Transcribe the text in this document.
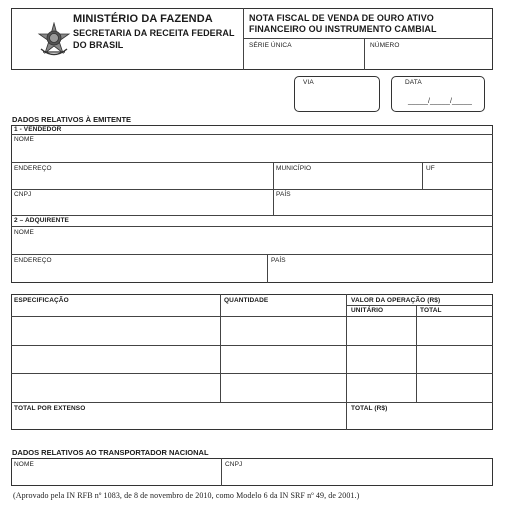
MINISTÉRIO DA FAZENDA
SECRETARIA DA RECEITA FEDERAL
DO BRASIL
NOTA FISCAL DE VENDA DE OURO ATIVO
FINANCEIRO OU INSTRUMENTO CAMBIAL
SÉRIE ÚNICA	NÚMERO
VIA	DATA
_____/_____/_____
DADOS RELATIVOS À EMITENTE
1 - VENDEDOR
NOME
ENDEREÇO	MUNICÍPIO	UF
CNPJ	PAÍS
2 – ADQUIRENTE
NOME
ENDEREÇO	PAÍS
ESPECIFICAÇÃO	QUANTIDADE	VALOR DA OPERAÇÃO (R$)
UNITÁRIO	TOTAL
TOTAL POR EXTENSO	TOTAL (R$)
DADOS RELATIVOS AO TRANSPORTADOR NACIONAL
NOME	CNPJ
(Aprovado pela IN RFB nº 1083, de 8 de novembro de 2010, como Modelo 6 da IN SRF nº 49, de 2001.)
